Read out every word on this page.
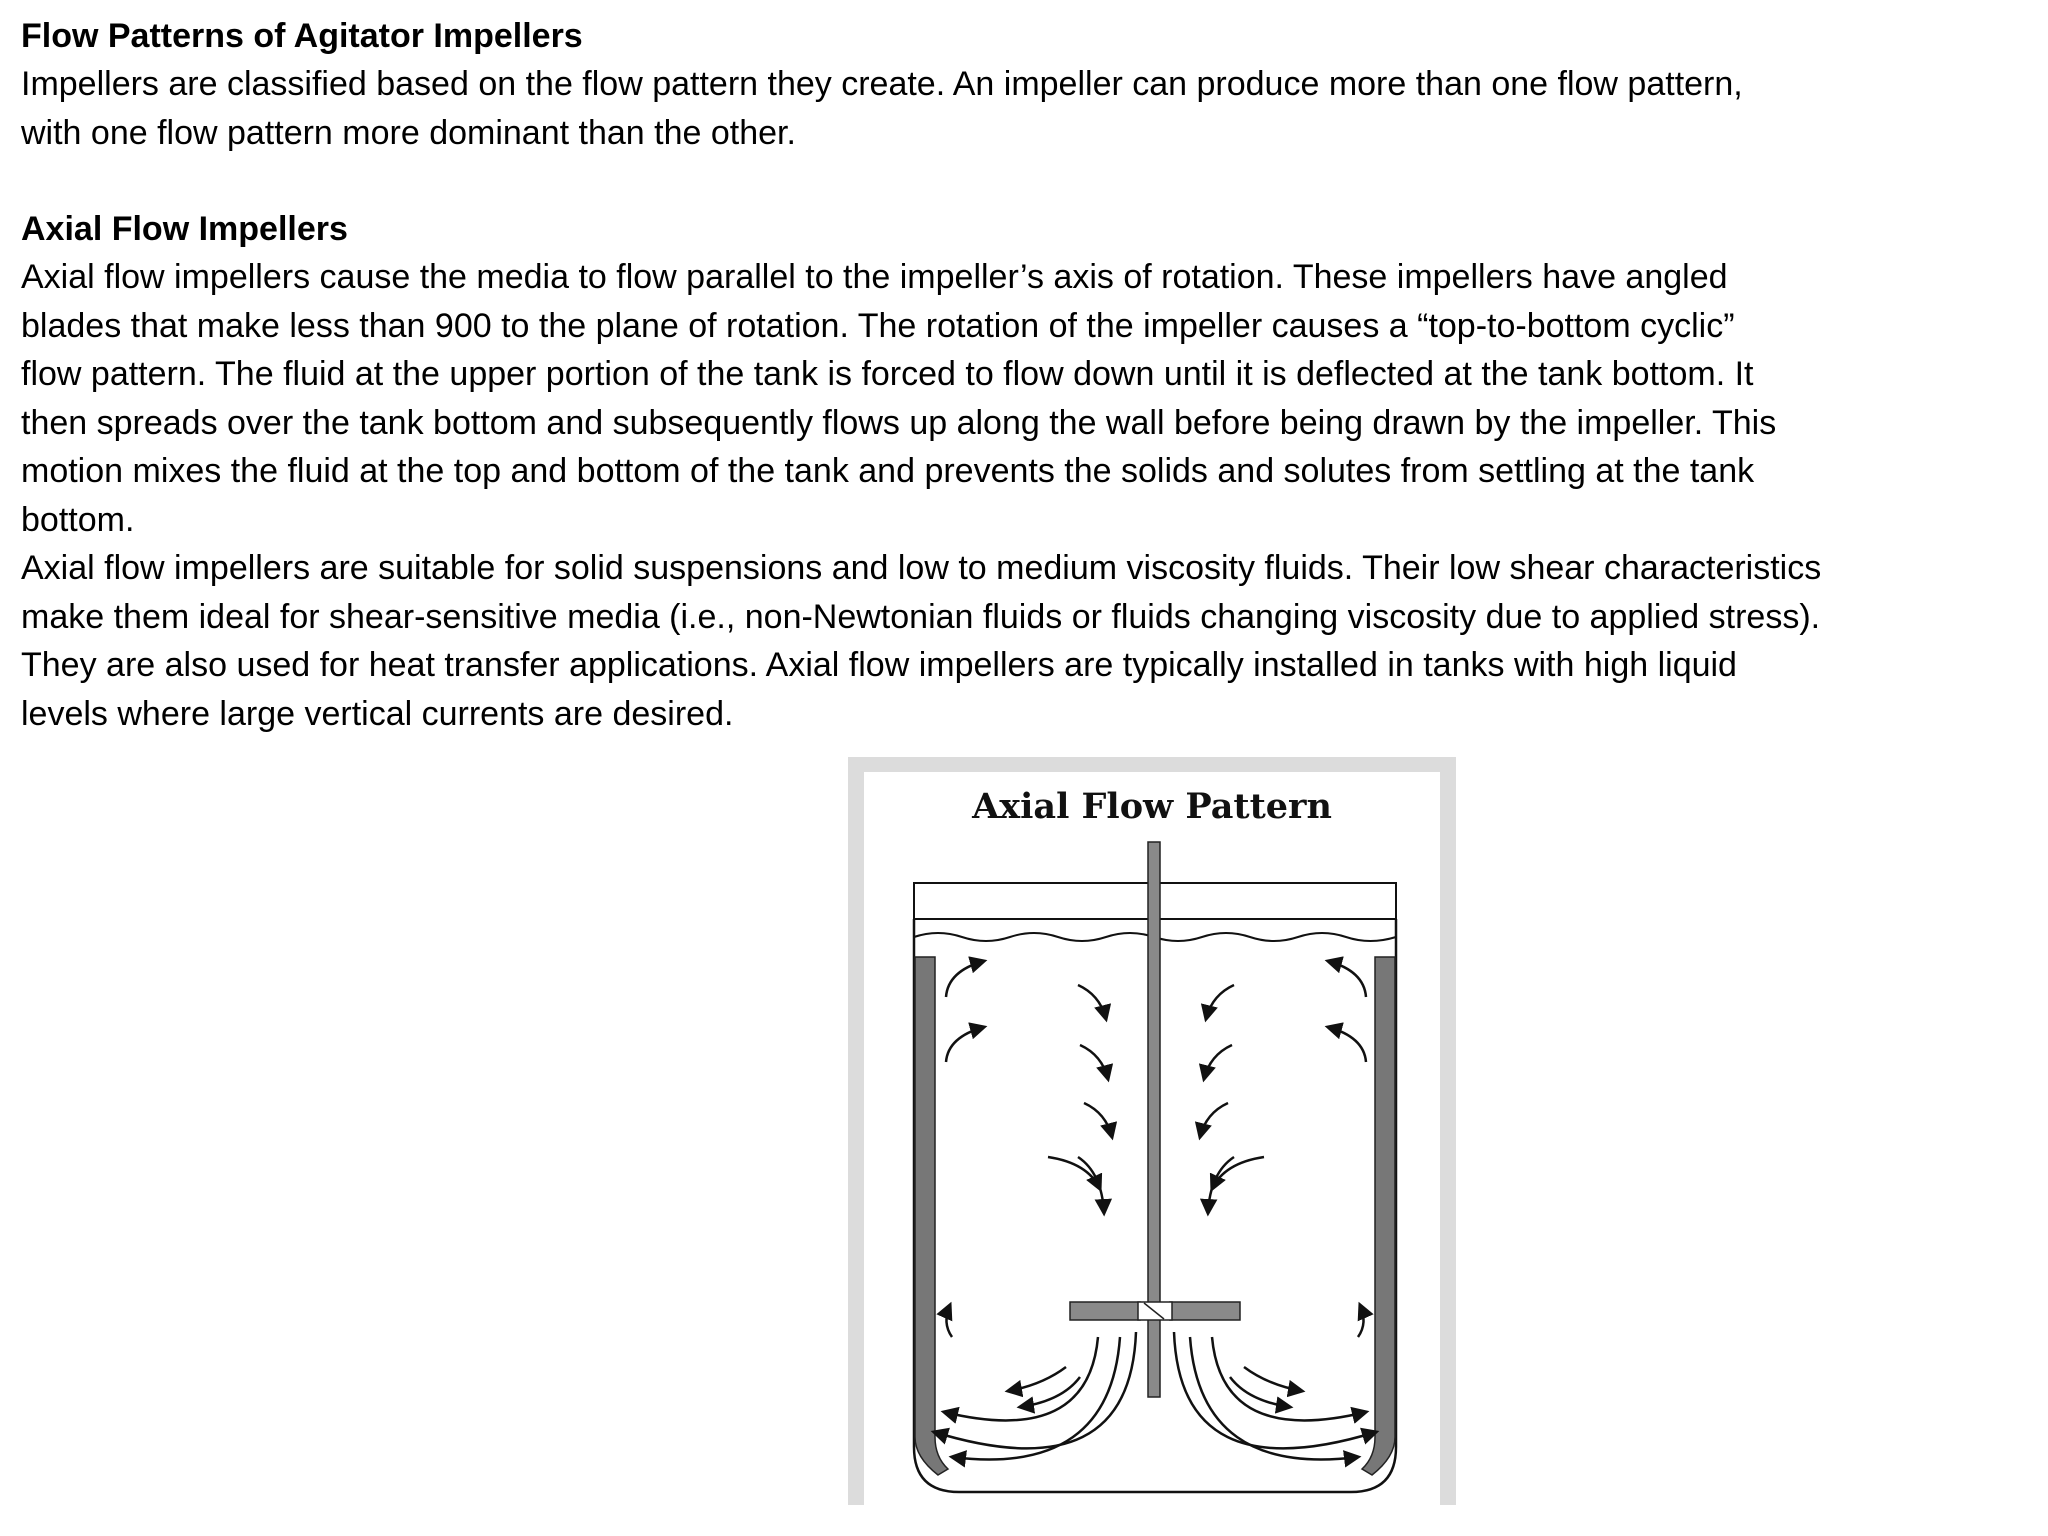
Flow Patterns of Agitator Impellers

Impellers are classified based on the flow pattern they create. An impeller can produce more than one flow pattern,

with one flow pattern more dominant than the other.

Axial Flow Impellers

Axial flow impellers cause the media to flow parallel to the impeller’s axis of rotation. These impellers have angled

blades that make less than 900 to the plane of rotation. The rotation of the impeller causes a “top-to-bottom cyclic”

flow pattern. The fluid at the upper portion of the tank is forced to flow down until it is deflected at the tank bottom. It

then spreads over the tank bottom and subsequently flows up along the wall before being drawn by the impeller. This

motion mixes the fluid at the top and bottom of the tank and prevents the solids and solutes from settling at the tank

bottom.

Axial flow impellers are suitable for solid suspensions and low to medium viscosity fluids. Their low shear characteristics

make them ideal for shear-sensitive media (i.e., non-Newtonian fluids or fluids changing viscosity due to applied stress).

They are also used for heat transfer applications. Axial flow impellers are typically installed in tanks with high liquid

levels where large vertical currents are desired.

Axial Flow Pattern
